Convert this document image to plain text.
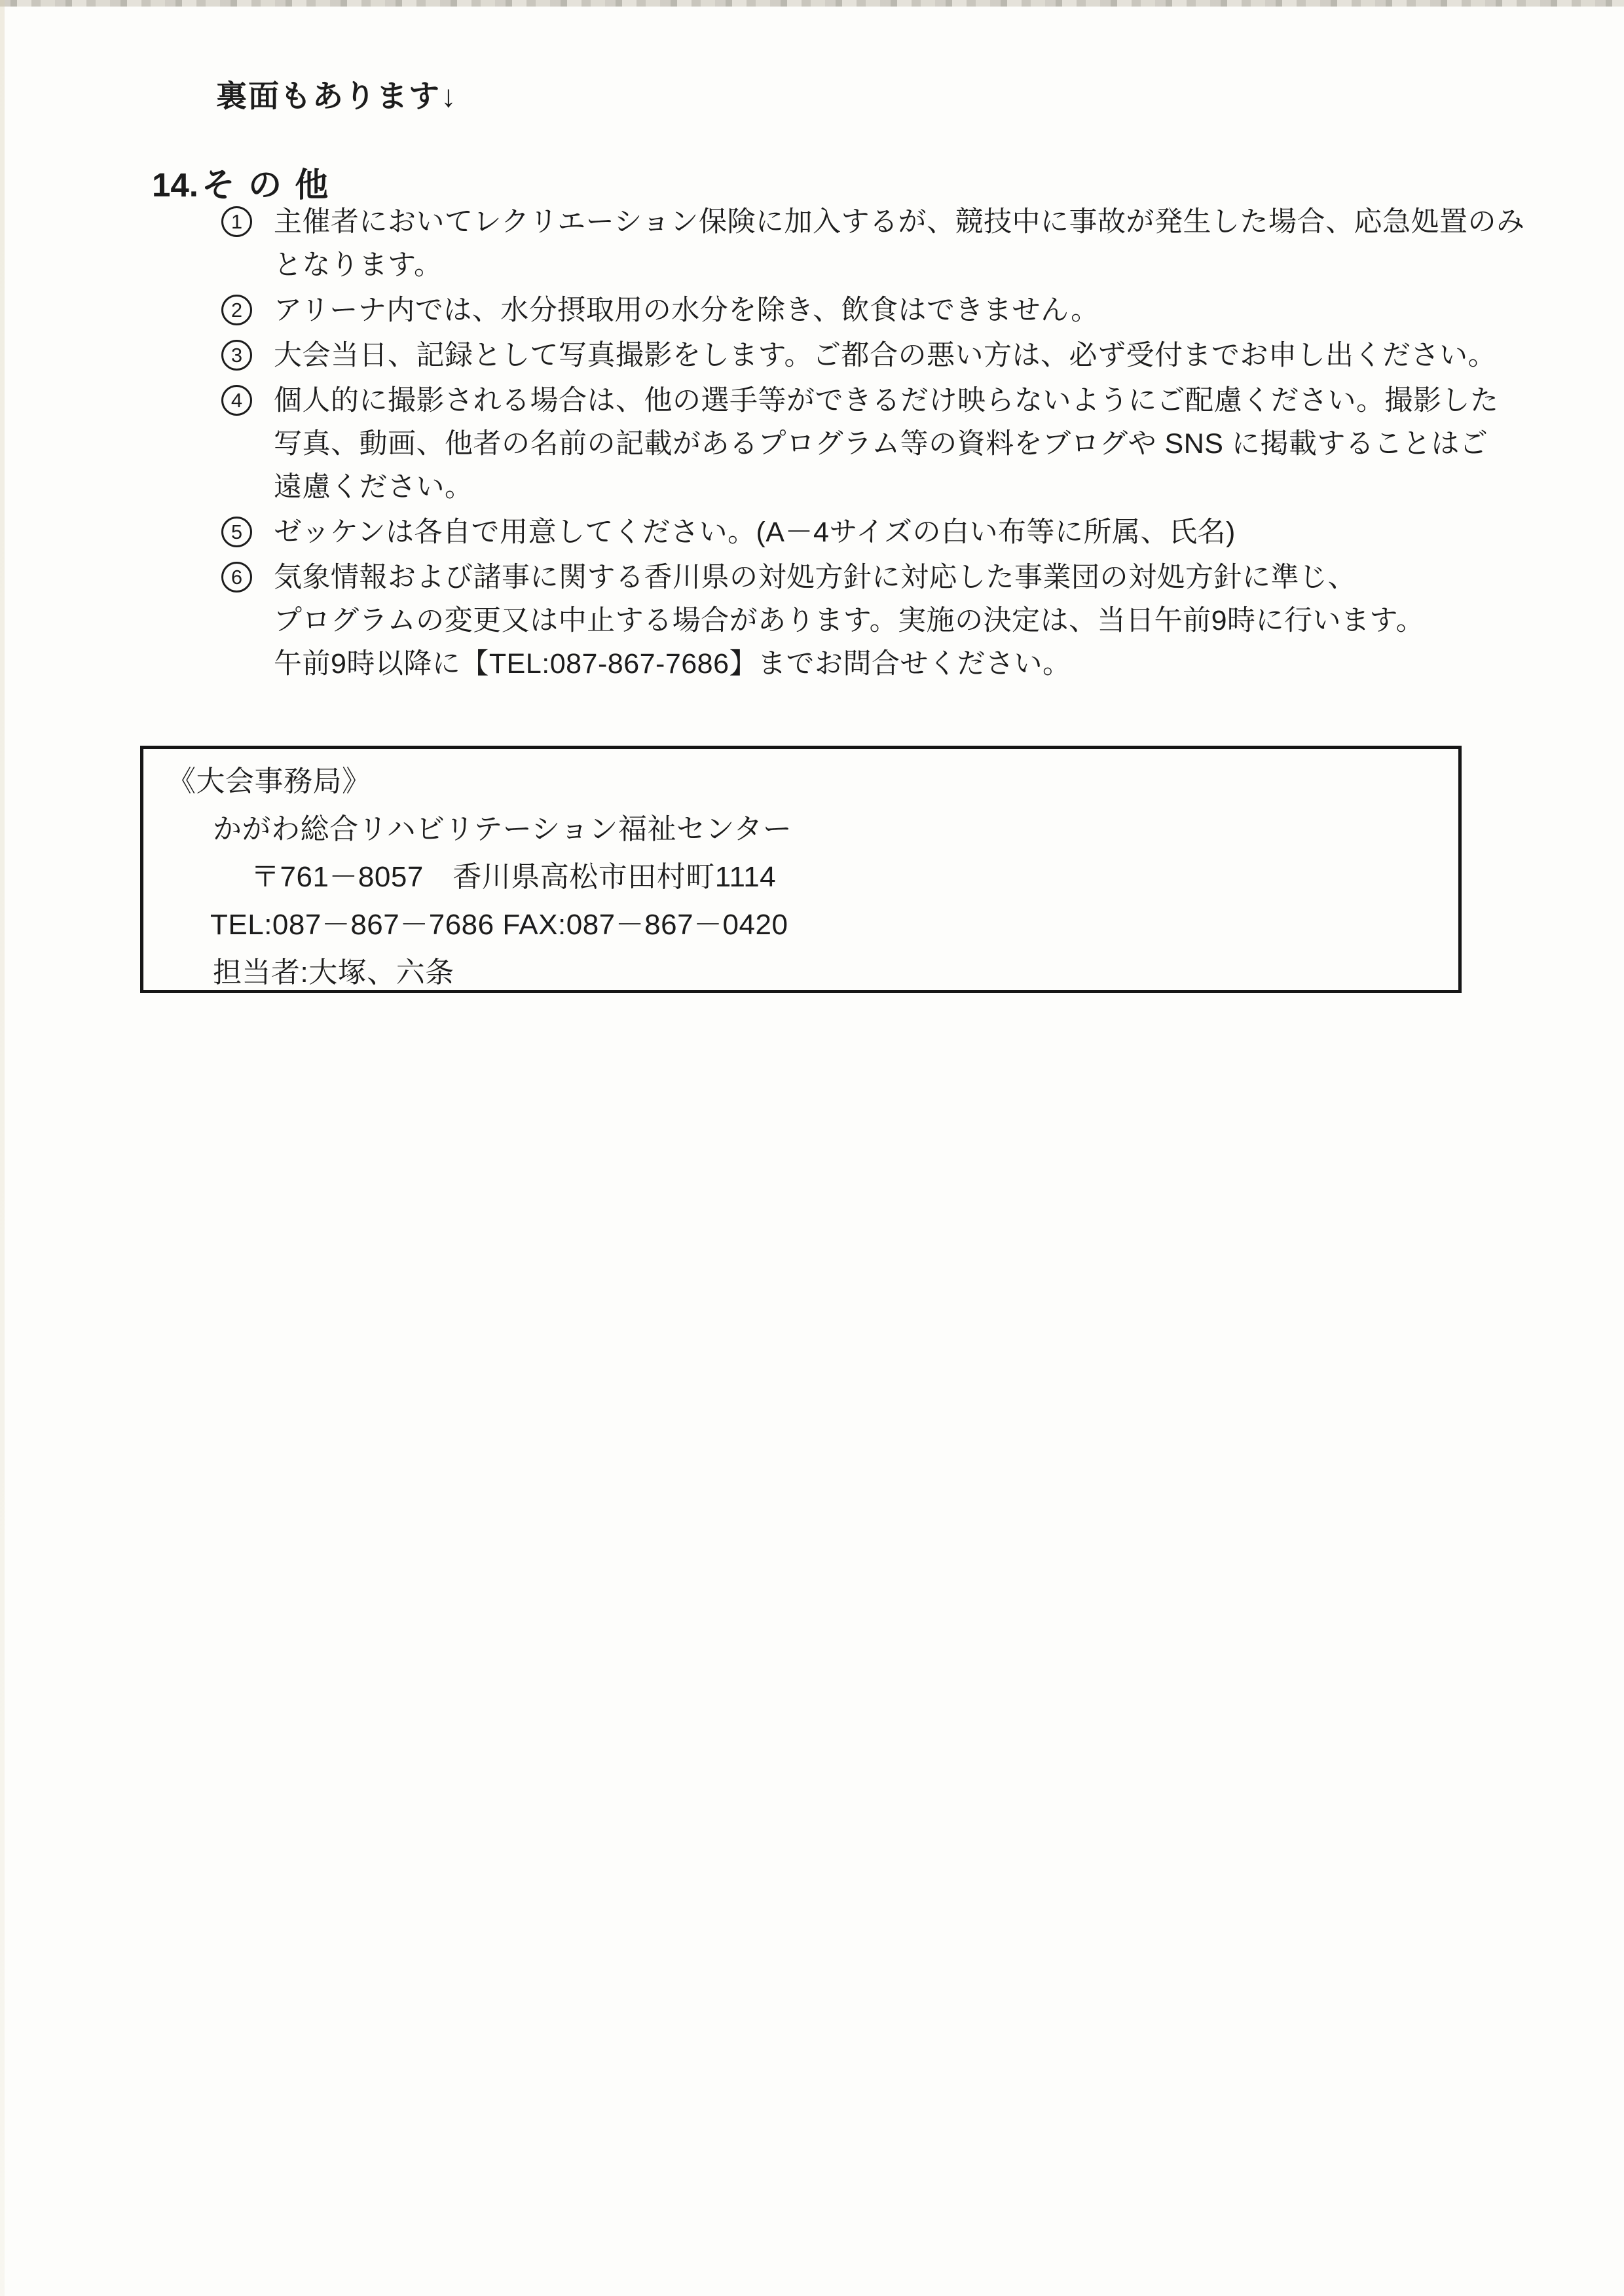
裏面もあります↓
14.そ の 他
1	主催者においてレクリエーション保険に加入するが、競技中に事故が発生した場合、応急処置のみ
となります。
2	アリーナ内では、水分摂取用の水分を除き、飲食はできません。
3	大会当日、記録として写真撮影をします。ご都合の悪い方は、必ず受付までお申し出ください。
4	個人的に撮影される場合は、他の選手等ができるだけ映らないようにご配慮ください。撮影した
写真、動画、他者の名前の記載があるプログラム等の資料をブログや SNS に掲載することはご
遠慮ください。
5	ゼッケンは各自で用意してください。(A－4サイズの白い布等に所属、氏名)
6	気象情報および諸事に関する香川県の対処方針に対応した事業団の対処方針に準じ、
プログラムの変更又は中止する場合があります。実施の決定は、当日午前9時に行います。
午前9時以降に【TEL:087-867-7686】までお問合せください。
《大会事務局》
かがわ総合リハビリテーション福祉センター
〒761－8057　香川県高松市田村町1114
TEL:087－867－7686 FAX:087－867－0420
担当者:大塚、六条
